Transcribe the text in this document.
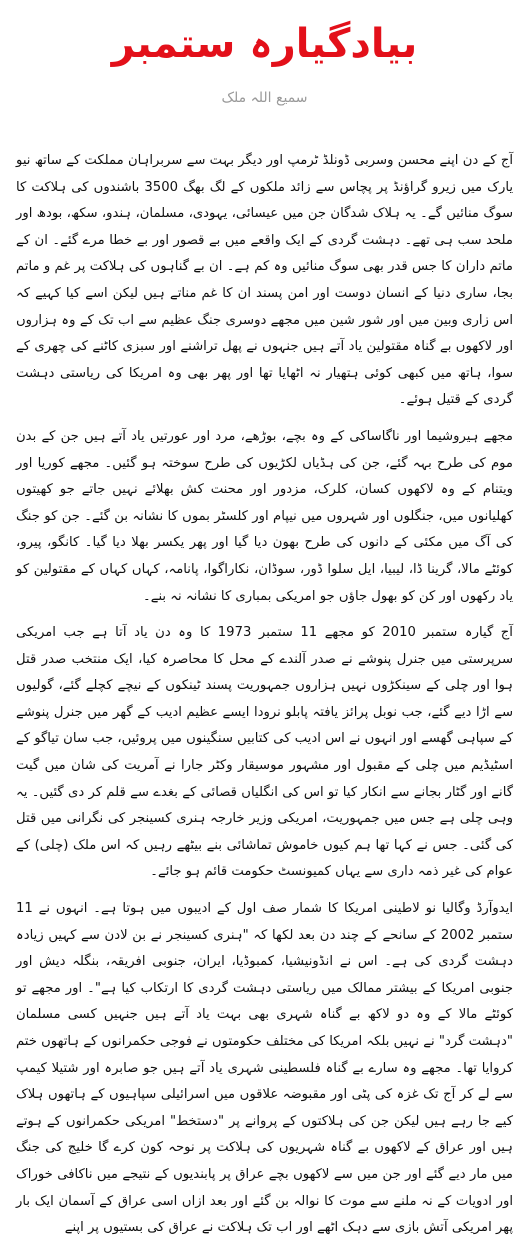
بیادگیارہ ستمبر
سمیع اللہ ملک

آج کے دن اپنے محسن وسربی ڈونلڈ ٹرمپ اور دیگر بہت سے سربراہان مملکت کے ساتھ نیو یارک میں زیرو گراؤنڈ پر پچاس سے زائد ملکوں کے لگ بھگ 3500 باشندوں کی ہلاکت کا سوگ منائیں گے۔ یہ ہلاک شدگان جن میں عیسائی، یہودی، مسلمان، ہندو، سکھ، بودھ اور ملحد سب ہی تھے۔ دہشت گردی کے ایک واقعے میں بے قصور اور بے خطا مرے گئے۔ ان کے ماتم داران کا جس قدر بھی سوگ منائیں وہ کم ہے۔ ان بے گناہوں کی ہلاکت پر غم و ماتم بجا، ساری دنیا کے انسان دوست اور امن پسند ان کا غم مناتے ہیں لیکن اسے کیا کہیے کہ اس زاری وبین میں اور شور شین میں مجھے دوسری جنگ عظیم سے اب تک کے وہ ہزاروں اور لاکھوں بے گناہ مقتولین یاد آتے ہیں جنہوں نے پھل تراشنے اور سبزی کاٹنے کی چھری کے سوا، ہاتھ میں کبھی کوئی ہتھیار نہ اٹھایا تھا اور پھر بھی وہ امریکا کی ریاستی دہشت گردی کے قتیل ہوئے۔

مجھے ہیروشیما اور ناگاساکی کے وہ بچے، بوڑھے، مرد اور عورتیں یاد آتے ہیں جن کے بدن موم کی طرح بہہ گئے، جن کی ہڈیاں لکڑیوں کی طرح سوختہ ہو گئیں۔ مجھے کوریا اور ویتنام کے وہ لاکھوں کسان، کلرک، مزدور اور محنت کش بھلائے نہیں جاتے جو کھیتوں کھلیانوں میں، جنگلوں اور شہروں میں نیپام اور کلسٹر بموں کا نشانہ بن گئے۔ جن کو جنگ کی آگ میں مکئی کے دانوں کی طرح بھون دیا گیا اور پھر یکسر بھلا دیا گیا۔ کانگو، پیرو، کوئٹے مالا، گرینا ڈا، لیبیا، ایل سلوا ڈور، سوڈان، نکاراگوا، پانامہ، کہاں کہاں کے مقتولین کو یاد رکھوں اور کن کو بھول جاؤں جو امریکی بمباری کا نشانہ نہ بنے۔

آج گیارہ ستمبر 2010 کو مجھے 11 ستمبر 1973 کا وہ دن یاد آتا ہے جب امریکی سرپرستی میں جنرل پنوشے نے صدر آلندے کے محل کا محاصرہ کیا، ایک منتخب صدر قتل ہوا اور چلی کے سینکڑوں نہیں ہزاروں جمہوریت پسند ٹینکوں کے نیچے کچلے گئے، گولیوں سے اڑا دیے گئے، جب نوبل پرائز یافتہ پابلو نرودا ایسے عظیم ادیب کے گھر میں جنرل پنوشے کے سپاہی گھسے اور انہوں نے اس ادیب کی کتابیں سنگینوں میں پروئیں، جب سان تیاگو کے اسٹیڈیم میں چلی کے مقبول اور مشہور موسیقار وکٹر جارا نے آمریت کی شان میں گیت گانے اور گٹار بجانے سے انکار کیا تو اس کی انگلیاں قصائی کے بغدے سے قلم کر دی گئیں۔ یہ وہی چلی ہے جس میں جمہوریت، امریکی وزیر خارجہ ہنری کسینجر کی نگرانی میں قتل کی گئی۔ جس نے کہا تھا ہم کیوں خاموش تماشائی بنے بیٹھے رہیں کہ اس ملک (چلی) کے عوام کی غیر ذمہ داری سے یہاں کمیونسٹ حکومت قائم ہو جائے۔

ایدوآرڈ وگالیا نو لاطینی امریکا کا شمار صف اول کے ادیبوں میں ہوتا ہے۔ انہوں نے 11 ستمبر 2002 کے سانحے کے چند دن بعد لکھا کہ "ہنری کسینجر نے بن لادن سے کہیں زیادہ دہشت گردی کی ہے۔ اس نے انڈونیشیا، کمبوڈیا، ایران، جنوبی افریقہ، بنگلہ دیش اور جنوبی امریکا کے بیشتر ممالک میں ریاستی دہشت گردی کا ارتکاب کیا ہے"۔ اور مجھے تو کوئٹے مالا کے وہ دو لاکھ بے گناہ شہری بھی بہت یاد آتے ہیں جنہیں کسی مسلمان "دہشت گرد" نے نہیں بلکہ امریکا کی مختلف حکومتوں نے فوجی حکمرانوں کے ہاتھوں ختم کروایا تھا۔ مجھے وہ سارے بے گناہ فلسطینی شہری یاد آتے ہیں جو صابرہ اور شتیلا کیمپ سے لے کر آج تک غزہ کی پٹی اور مقبوضہ علاقوں میں اسرائیلی سپاہیوں کے ہاتھوں ہلاک کیے جا رہے ہیں لیکن جن کی ہلاکتوں کے پروانے پر "دستخط" امریکی حکمرانوں کے ہوتے ہیں اور عراق کے لاکھوں بے گناہ شہریوں کی ہلاکت پر نوحہ کون کرے گا خلیج کی جنگ میں مار دیے گئے اور جن میں سے لاکھوں بچے عراق پر پابندیوں کے نتیجے میں ناکافی خوراک اور ادویات کے نہ ملنے سے موت کا نوالہ بن گئے اور بعد ازاں اسی عراق کے آسمان ایک بار پھر امریکی آتش بازی سے دہک اٹھے اور اب تک ہلاکت نے عراق کی بستیوں پر اپنے
